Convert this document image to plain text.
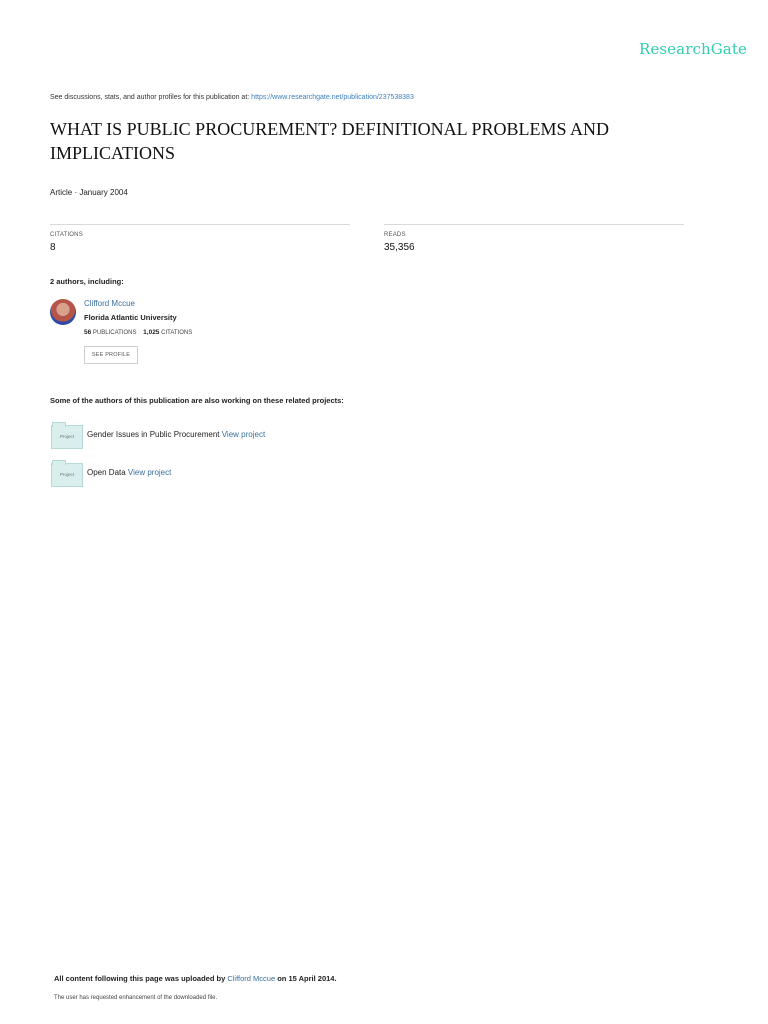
ResearchGate
See discussions, stats, and author profiles for this publication at: https://www.researchgate.net/publication/237538383
WHAT IS PUBLIC PROCUREMENT? DEFINITIONAL PROBLEMS AND IMPLICATIONS
Article · January 2004
CITATIONS
8
READS
35,356
2 authors, including:
Clifford Mccue
Florida Atlantic University
56 PUBLICATIONS 1,025 CITATIONS
SEE PROFILE
Some of the authors of this publication are also working on these related projects:
Project	Gender Issues in Public Procurement View project
Project	Open Data View project
All content following this page was uploaded by Clifford Mccue on 15 April 2014.
The user has requested enhancement of the downloaded file.
